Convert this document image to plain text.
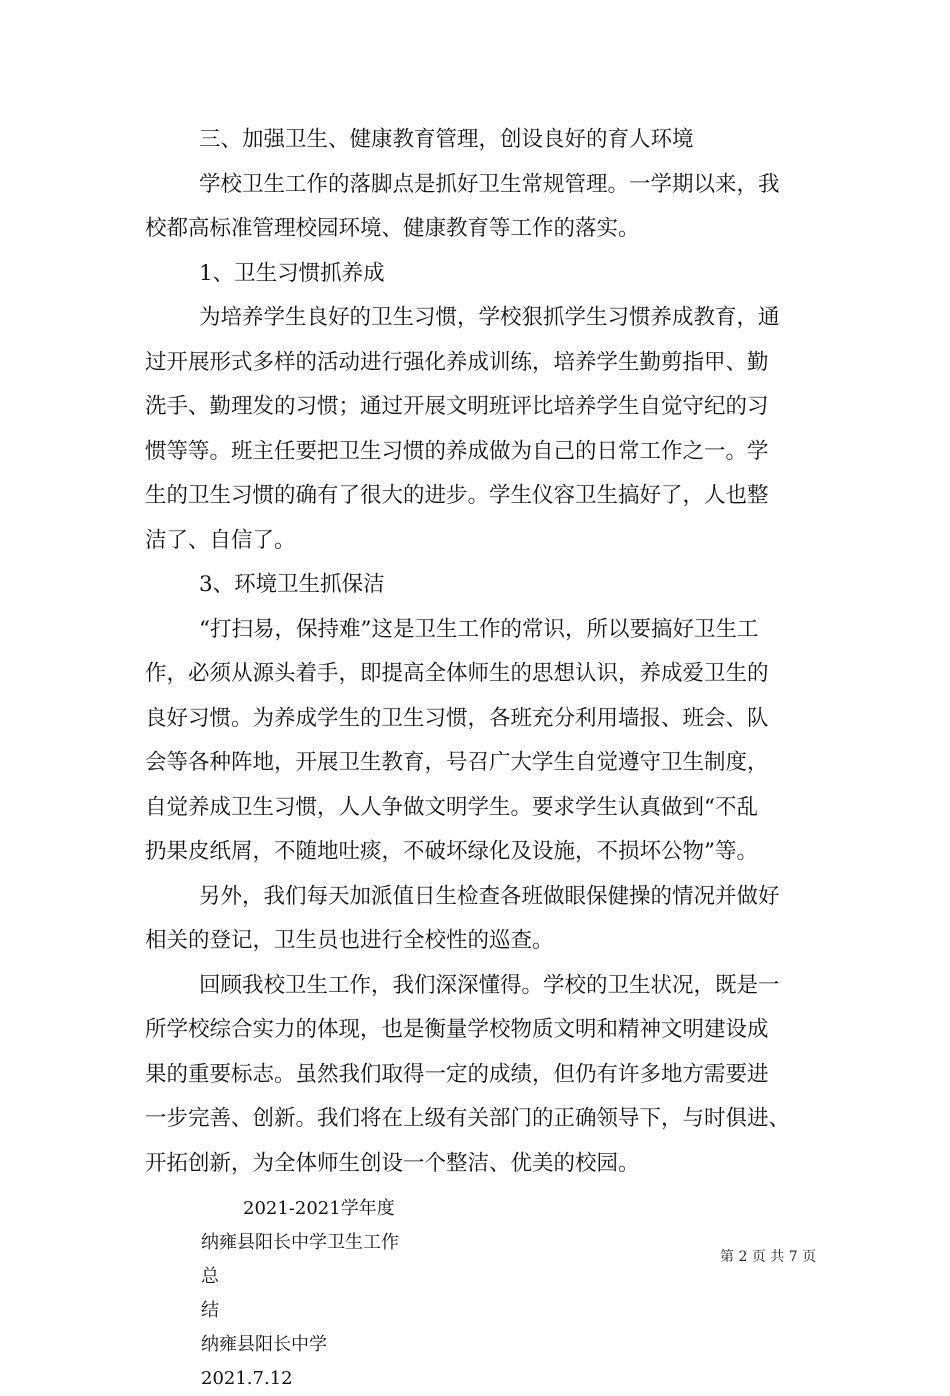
三、加强卫生、健康教育管理，创设良好的育人环境
学校卫生工作的落脚点是抓好卫生常规管理。一学期以来，我
校都高标准管理校园环境、健康教育等工作的落实。
1、卫生习惯抓养成
为培养学生良好的卫生习惯，学校狠抓学生习惯养成教育，通
过开展形式多样的活动进行强化养成训练，培养学生勤剪指甲、勤
洗手、勤理发的习惯；通过开展文明班评比培养学生自觉守纪的习
惯等等。班主任要把卫生习惯的养成做为自己的日常工作之一。学
生的卫生习惯的确有了很大的进步。学生仪容卫生搞好了，人也整
洁了、自信了。
3、环境卫生抓保洁
“打扫易，保持难”这是卫生工作的常识，所以要搞好卫生工
作，必须从源头着手，即提高全体师生的思想认识，养成爱卫生的
良好习惯。为养成学生的卫生习惯，各班充分利用墙报、班会、队
会等各种阵地，开展卫生教育，号召广大学生自觉遵守卫生制度，
自觉养成卫生习惯，人人争做文明学生。要求学生认真做到“不乱
扔果皮纸屑，不随地吐痰，不破坏绿化及设施，不损坏公物”等。
另外，我们每天加派值日生检查各班做眼保健操的情况并做好
相关的登记，卫生员也进行全校性的巡查。
回顾我校卫生工作，我们深深懂得。学校的卫生状况，既是一
所学校综合实力的体现，也是衡量学校物质文明和精神文明建设成
果的重要标志。虽然我们取得一定的成绩，但仍有许多地方需要进
一步完善、创新。我们将在上级有关部门的正确领导下，与时俱进、
开拓创新，为全体师生创设一个整洁、优美的校园。
2021-2021学年度
纳雍县阳长中学卫生工作
总
结
纳雍县阳长中学
2021.7.12
第 2 页 共 7 页
